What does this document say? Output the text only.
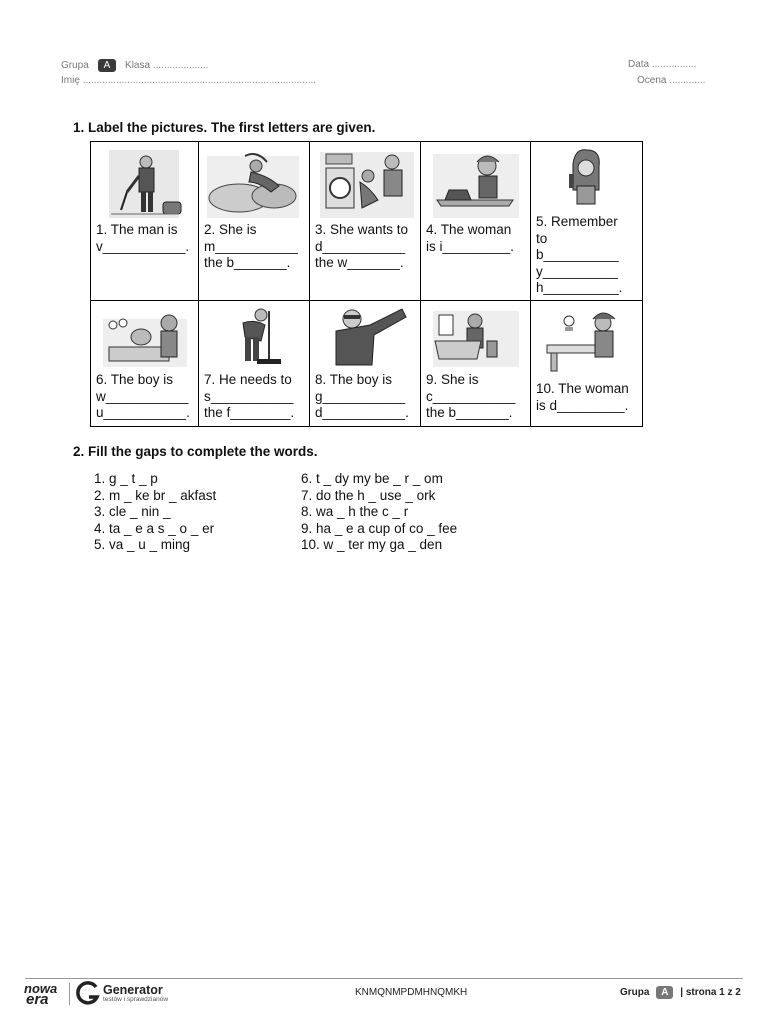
Grupa A Klasa ....................
Imię ....................................................................................
Data ................
Ocena .............
1. Label the pictures. The first letters are given.
1. The man is
v___________.	2. She is
m___________
the b_______.	3. She wants to
d___________
the w_______.	4. The woman
is i_________.	5. Remember
to
b__________
y__________
h__________.

6. The boy is
w___________
u___________.	7. He needs to
s___________
the f________.	8. The boy is
g___________
d___________.	9. She is
c___________
the b_______.	10. The woman
is d_________.
2. Fill the gaps to complete the words.
1. g _ t _ p
2. m _ ke br _ akfast
3. cle _ nin _
4. ta _ e a s _ o _ er
5. va _ u _ ming
6. t _ dy my be _ r _ om
7. do the h _ use _ ork
8. wa _ h the c _ r
9. ha _ e a cup of co _ fee
10. w _ ter my ga _ den
nowa
era
Generator
testów i sprawdzianów
KNMQNMPDMHNQMKH	Grupa A | strona 1 z 2
